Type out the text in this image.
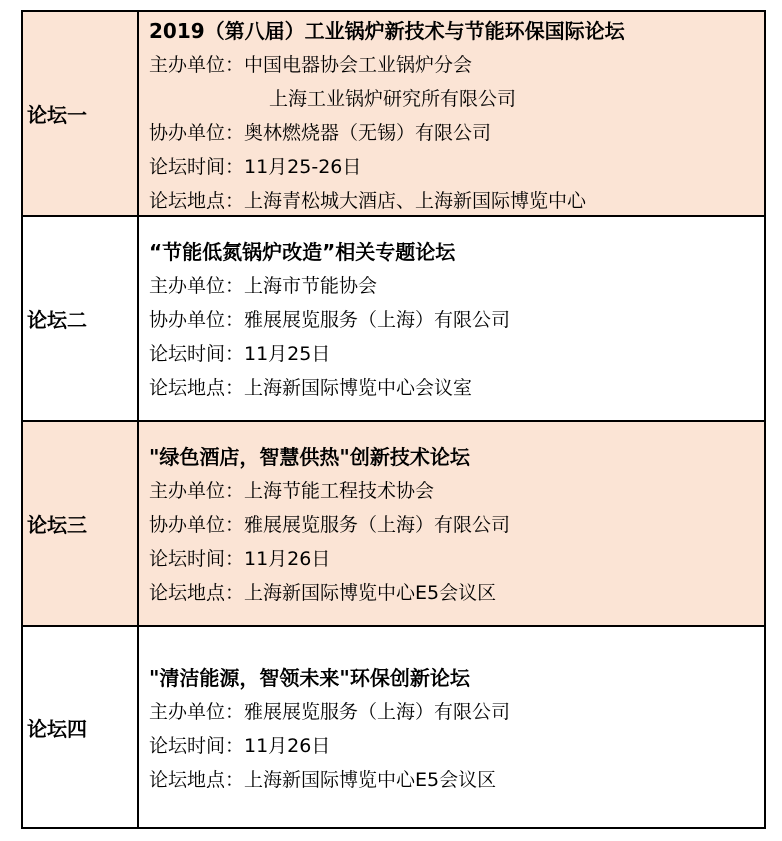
论坛一
2019（第八届）工业锅炉新技术与节能环保国际论坛
主办单位：中国电器协会工业锅炉分会
上海工业锅炉研究所有限公司
协办单位：奥林燃烧器（无锡）有限公司
论坛时间：11月25-26日
论坛地点：上海青松城大酒店、上海新国际博览中心
论坛二
“节能低氮锅炉改造”相关专题论坛
主办单位：上海市节能协会
协办单位：雅展展览服务（上海）有限公司
论坛时间：11月25日
论坛地点：上海新国际博览中心会议室
论坛三
"绿色酒店，智慧供热"创新技术论坛
主办单位：上海节能工程技术协会
协办单位：雅展展览服务（上海）有限公司
论坛时间：11月26日
论坛地点：上海新国际博览中心E5会议区
论坛四
"清洁能源，智领未来"环保创新论坛
主办单位：雅展展览服务（上海）有限公司
论坛时间：11月26日
论坛地点：上海新国际博览中心E5会议区
